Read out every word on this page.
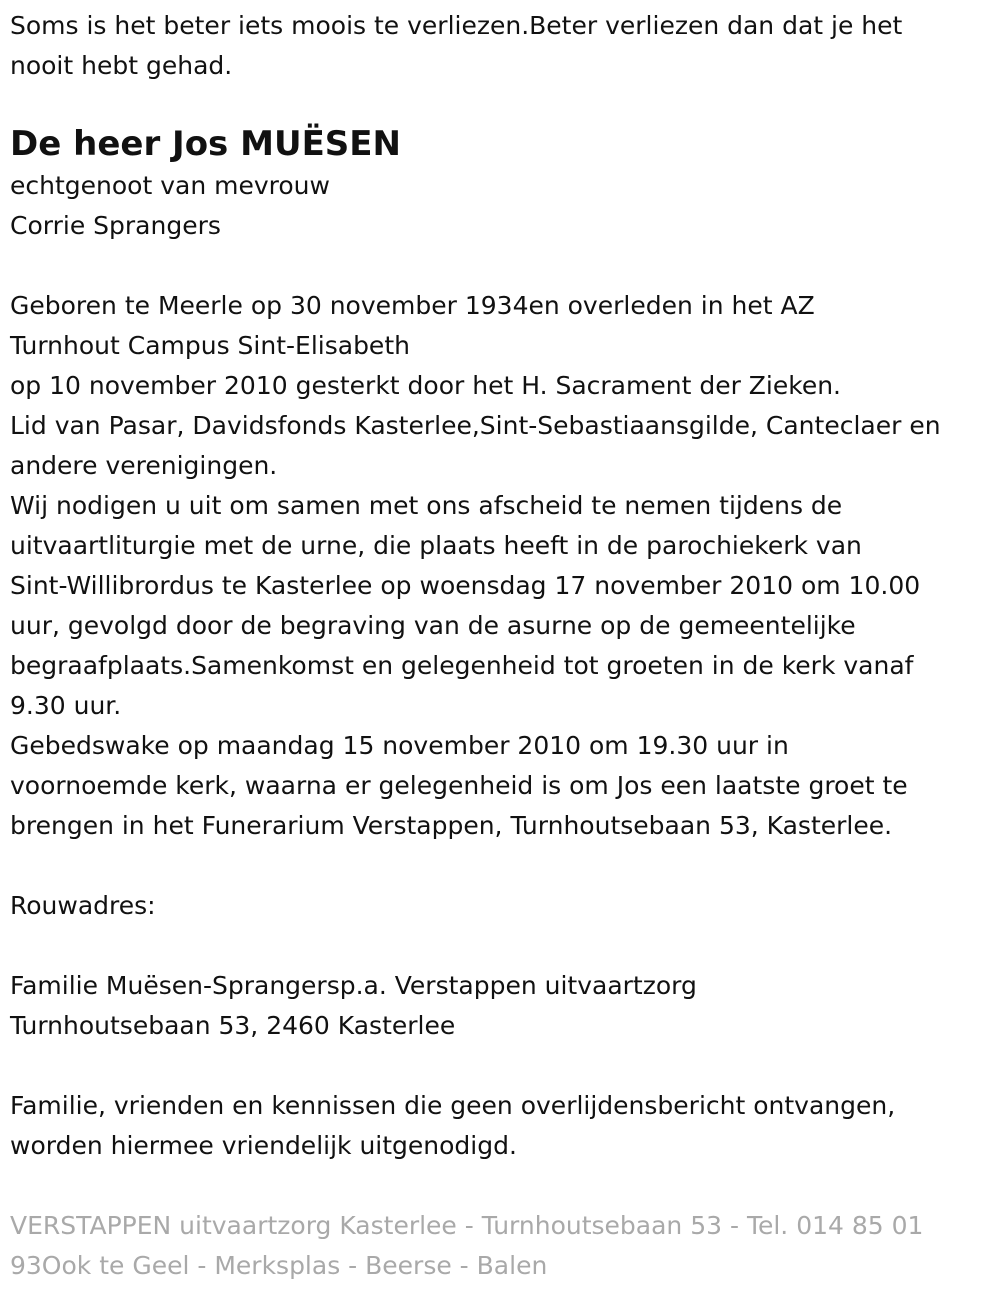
Soms is het beter iets moois te verliezen.Beter verliezen dan dat je het

nooit hebt gehad.

De heer Jos MUËSEN

echtgenoot van mevrouw

Corrie Sprangers

Geboren te Meerle op 30 november 1934en overleden in het AZ

Turnhout Campus Sint-Elisabeth

op 10 november 2010 gesterkt door het H. Sacrament der Zieken.

Lid van Pasar, Davidsfonds Kasterlee,Sint-Sebastiaansgilde, Canteclaer en

andere verenigingen.

Wij nodigen u uit om samen met ons afscheid te nemen tijdens de

uitvaartliturgie met de urne, die plaats heeft in de parochiekerk van

Sint-Willibrordus te Kasterlee op woensdag 17 november 2010 om 10.00

uur, gevolgd door de begraving van de asurne op de gemeentelijke

begraafplaats.Samenkomst en gelegenheid tot groeten in de kerk vanaf

9.30 uur.

Gebedswake op maandag 15 november 2010 om 19.30 uur in

voornoemde kerk, waarna er gelegenheid is om Jos een laatste groet te

brengen in het Funerarium Verstappen, Turnhoutsebaan 53, Kasterlee.

Rouwadres:

Familie Muësen-Sprangersp.a. Verstappen uitvaartzorg

Turnhoutsebaan 53, 2460 Kasterlee

Familie, vrienden en kennissen die geen overlijdensbericht ontvangen,

worden hiermee vriendelijk uitgenodigd.

VERSTAPPEN uitvaartzorg Kasterlee - Turnhoutsebaan 53 - Tel. 014 85 01

93Ook te Geel - Merksplas - Beerse - Balen
